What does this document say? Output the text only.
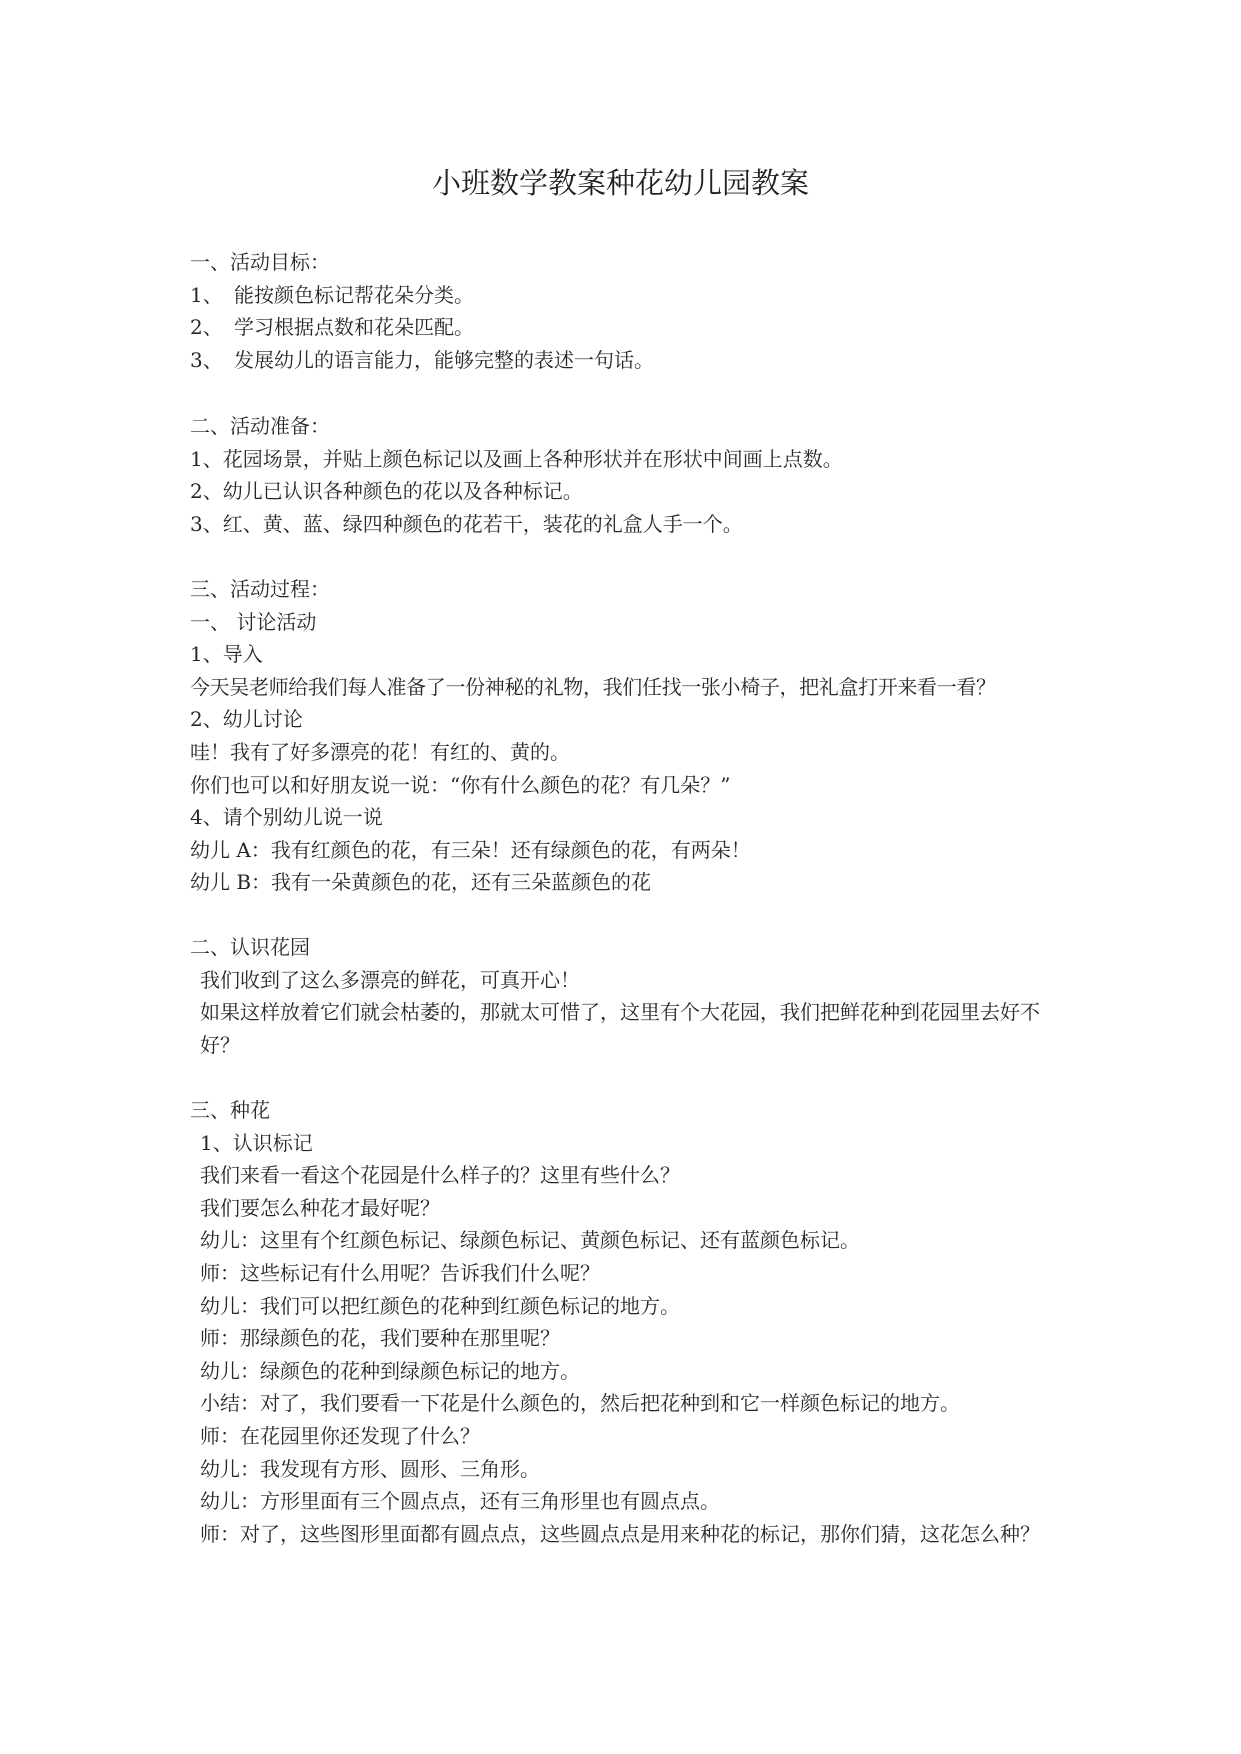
小班数学教案种花幼儿园教案
一、活动目标：
1、 能按颜色标记帮花朵分类。
2、 学习根据点数和花朵匹配。
3、 发展幼儿的语言能力，能够完整的表述一句话。
二、活动准备：
1、花园场景，并贴上颜色标记以及画上各种形状并在形状中间画上点数。
2、幼儿已认识各种颜色的花以及各种标记。
3、红、黄、蓝、绿四种颜色的花若干，装花的礼盒人手一个。
三、活动过程：
一、 讨论活动
1、导入
今天吴老师给我们每人准备了一份神秘的礼物，我们任找一张小椅子，把礼盒打开来看一看？
2、幼儿讨论
哇！我有了好多漂亮的花！有红的、黄的。
你们也可以和好朋友说一说：“你有什么颜色的花？有几朵？”
4、请个别幼儿说一说
幼儿 A：我有红颜色的花，有三朵！还有绿颜色的花，有两朵！
幼儿 B：我有一朵黄颜色的花，还有三朵蓝颜色的花
二、认识花园
我们收到了这么多漂亮的鲜花，可真开心！
如果这样放着它们就会枯萎的，那就太可惜了，这里有个大花园，我们把鲜花种到花园里去好不好？
三、种花
1、认识标记
我们来看一看这个花园是什么样子的？这里有些什么？
我们要怎么种花才最好呢？
幼儿：这里有个红颜色标记、绿颜色标记、黄颜色标记、还有蓝颜色标记。
师：这些标记有什么用呢？告诉我们什么呢？
幼儿：我们可以把红颜色的花种到红颜色标记的地方。
师：那绿颜色的花，我们要种在那里呢？
幼儿：绿颜色的花种到绿颜色标记的地方。
小结：对了，我们要看一下花是什么颜色的，然后把花种到和它一样颜色标记的地方。
师：在花园里你还发现了什么？
幼儿：我发现有方形、圆形、三角形。
幼儿：方形里面有三个圆点点，还有三角形里也有圆点点。
师：对了，这些图形里面都有圆点点，这些圆点点是用来种花的标记，那你们猜，这花怎么种？
